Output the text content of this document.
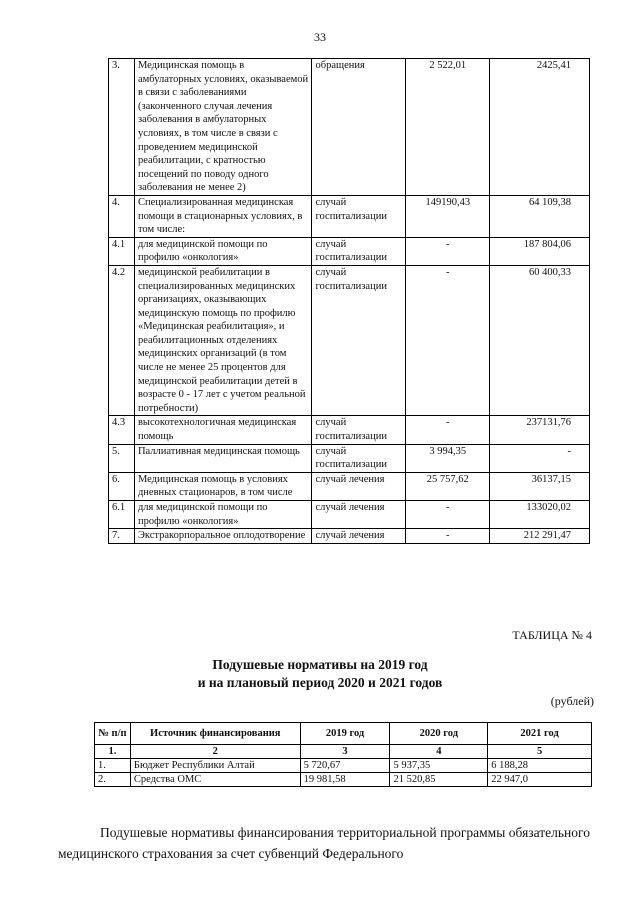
33
3.	Медицинская помощь в амбулаторных условиях, оказываемой в связи с заболеваниями (законченного случая лечения заболевания в амбулаторных условиях, в том числе в связи с проведением медицинской реабилитации, с кратностью посещений по поводу одного заболевания не менее 2)	обращения	2 522,01	2425,41
4.	Специализированная медицинская помощи в стационарных условиях, в том числе:	случай госпитализации	149190,43	64 109,38
4.1	для медицинской помощи по профилю «онкология»	случай госпитализации	-	187 804,06
4.2	медицинской реабилитации в специализированных медицинских организациях, оказывающих медицинскую помощь по профилю «Медицинская реабилитация», и реабилитационных отделениях медицинских организаций (в том числе не менее 25 процентов для медицинской реабилитации детей в возрасте 0 - 17 лет с учетом реальной потребности)	случай госпитализации	-	60 400,33
4.3	высокотехнологичная медицинская помощь	случай госпитализации	-	237131,76
5.	Паллиативная медицинская помощь	случай госпитализации	3 994,35	-
6.	Медицинская помощь в условиях дневных стационаров, в том числе	случай лечения	25 757,62	36137,15
6.1	для медицинской помощи по профилю «онкология»	случай лечения	-	133020,02
7.	Экстракорпоральное оплодотворение	случай лечения	-	212 291,47
ТАБЛИЦА № 4
Подушевые нормативы на 2019 год
и на плановый период 2020 и 2021 годов
(рублей)
№ п/п	Источник финансирования	2019 год	2020 год	2021 год
1.	2	3	4	5
1.	Бюджет Республики Алтай	5 720,67	5 937,35	6 188,28
2.	Средства ОМС	19 981,58	21 520,85	22 947,0
Подушевые нормативы финансирования территориальной программы обязательного медицинского страхования за счет субвенций Федерального
